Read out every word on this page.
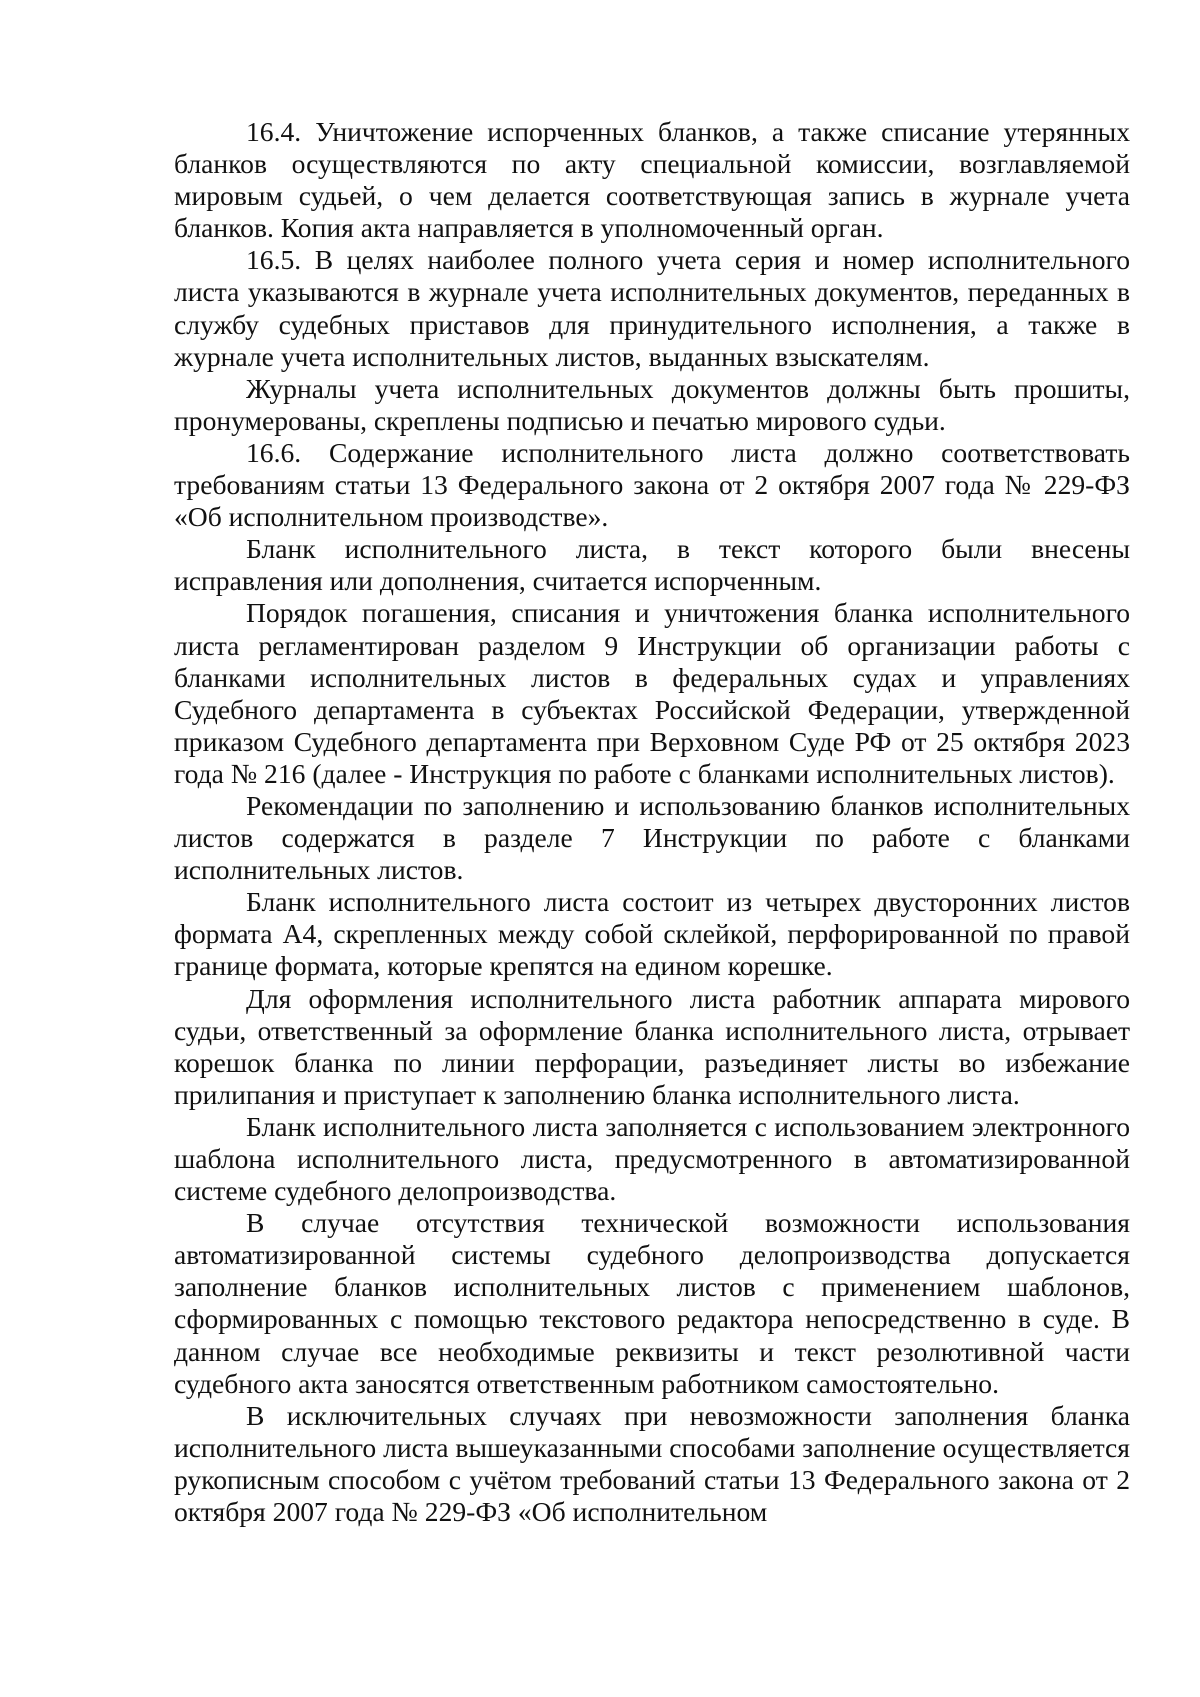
16.4. Уничтожение испорченных бланков, а также списание утерянных бланков осуществляются по акту специальной комиссии, возглавляемой мировым судьей, о чем делается соответствующая запись в журнале учета бланков. Копия акта направляется в уполномоченный орган.

16.5. В целях наиболее полного учета серия и номер исполнительного листа указываются в журнале учета исполнительных документов, переданных в службу судебных приставов для принудительного исполнения, а также в журнале учета исполнительных листов, выданных взыскателям.

Журналы учета исполнительных документов должны быть прошиты, пронумерованы, скреплены подписью и печатью мирового судьи.

16.6. Содержание исполнительного листа должно соответствовать требованиям статьи 13 Федерального закона от 2 октября 2007 года № 229-ФЗ «Об исполнительном производстве».

Бланк исполнительного листа, в текст которого были внесены исправления или дополнения, считается испорченным.

Порядок погашения, списания и уничтожения бланка исполнительного листа регламентирован разделом 9 Инструкции об организации работы с бланками исполнительных листов в федеральных судах и управлениях Судебного департамента в субъектах Российской Федерации, утвержденной приказом Судебного департамента при Верховном Суде РФ от 25 октября 2023 года № 216 (далее - Инструкция по работе с бланками исполнительных листов).

Рекомендации по заполнению и использованию бланков исполнительных листов содержатся в разделе 7 Инструкции по работе с бланками исполнительных листов.

Бланк исполнительного листа состоит из четырех двусторонних листов формата А4, скрепленных между собой склейкой, перфорированной по правой границе формата, которые крепятся на едином корешке.

Для оформления исполнительного листа работник аппарата мирового судьи, ответственный за оформление бланка исполнительного листа, отрывает корешок бланка по линии перфорации, разъединяет листы во избежание прилипания и приступает к заполнению бланка исполнительного листа.

Бланк исполнительного листа заполняется с использованием электронного шаблона исполнительного листа, предусмотренного в автоматизированной системе судебного делопроизводства.

В случае отсутствия технической возможности использования автоматизированной системы судебного делопроизводства допускается заполнение бланков исполнительных листов с применением шаблонов, сформированных с помощью текстового редактора непосредственно в суде. В данном случае все необходимые реквизиты и текст резолютивной части судебного акта заносятся ответственным работником самостоятельно.

В исключительных случаях при невозможности заполнения бланка исполнительного листа вышеуказанными способами заполнение осуществляется рукописным способом с учётом требований статьи 13 Федерального закона от 2 октября 2007 года № 229-ФЗ «Об исполнительном
